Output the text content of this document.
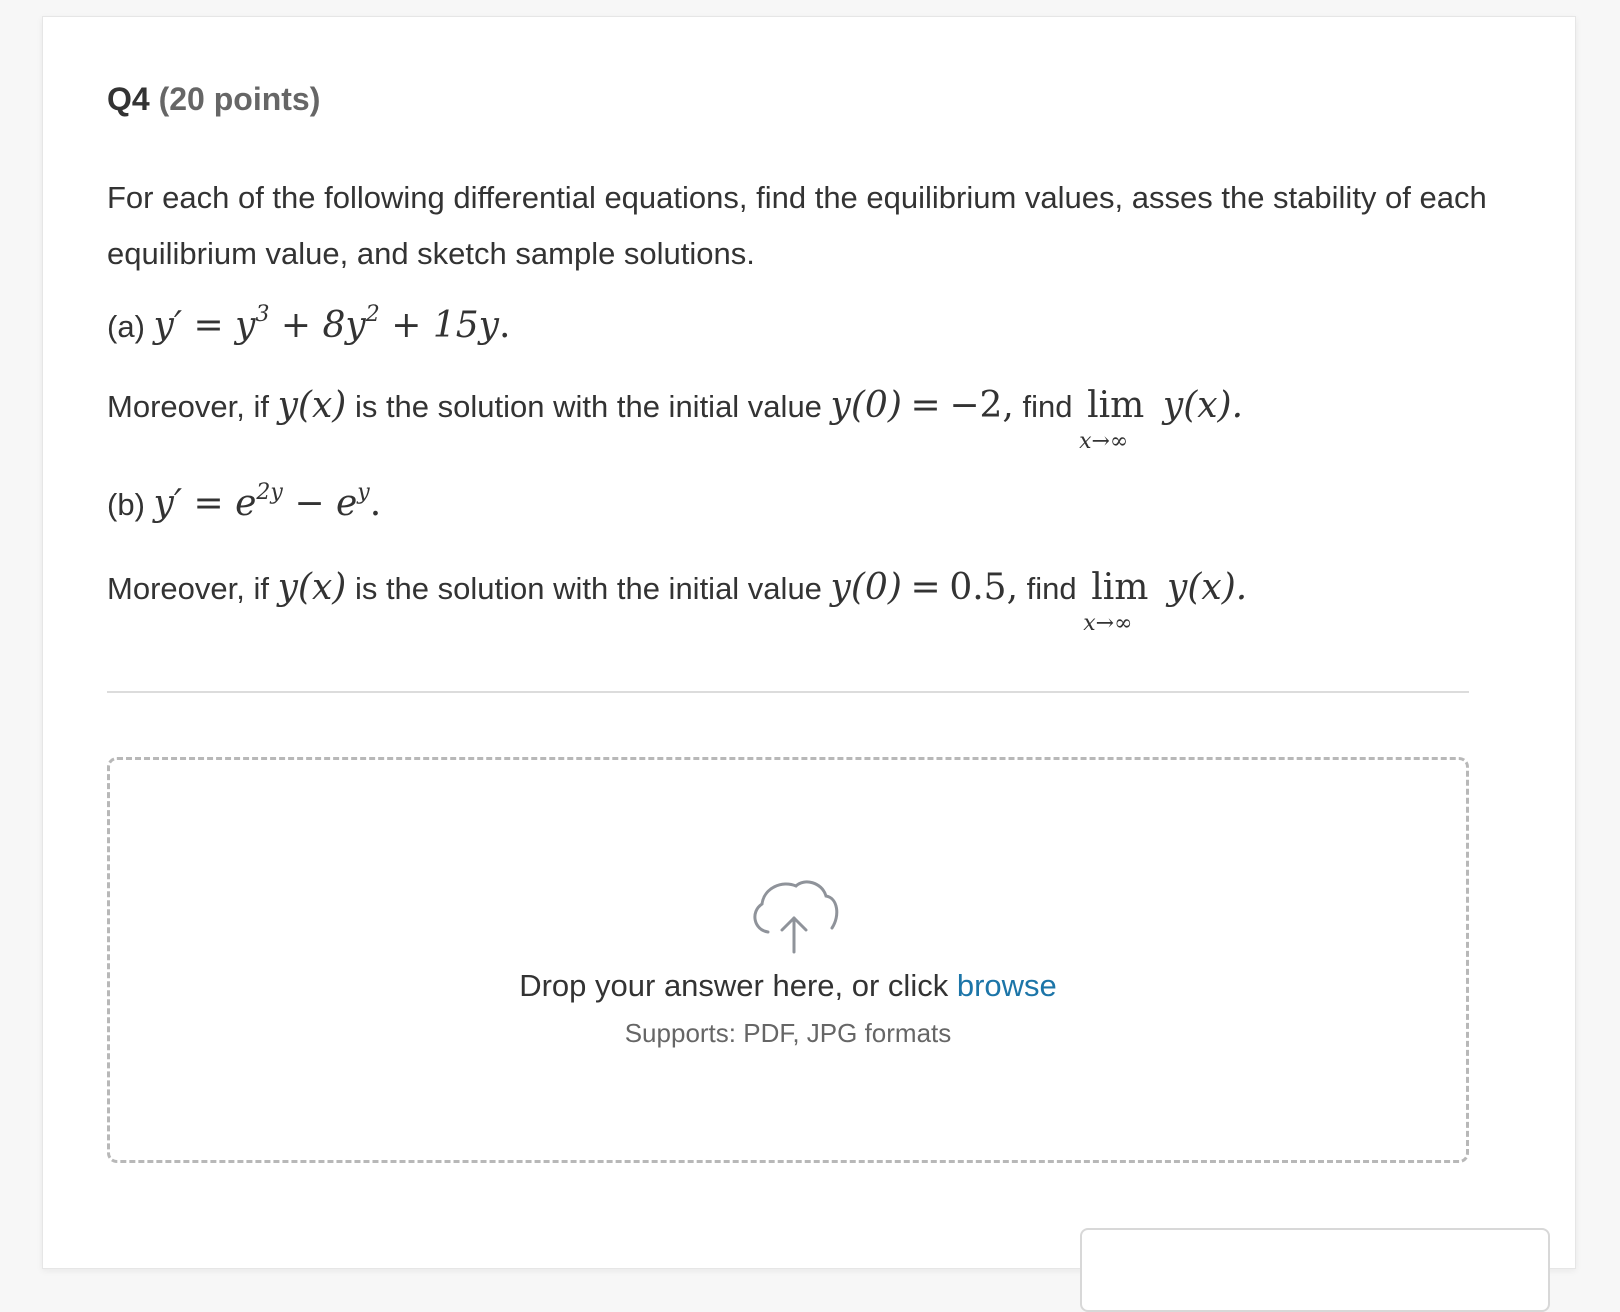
Q4 (20 points)

For each of the following differential equations, find the equilibrium values, asses the stability of each equilibrium value, and sketch sample solutions.

(a) $y' = y^3 + 8y^2 + 15y$.

Moreover, if y(x) is the solution with the initial value y(0) = −2, find lim
x→∞
y(x).

(b) $y' = e^{2y} - e^y$.

Moreover, if y(x) is the solution with the initial value y(0) = 0.5, find lim
x→∞
y(x).

Drop your answer here, or click browse

Supports: PDF, JPG formats
